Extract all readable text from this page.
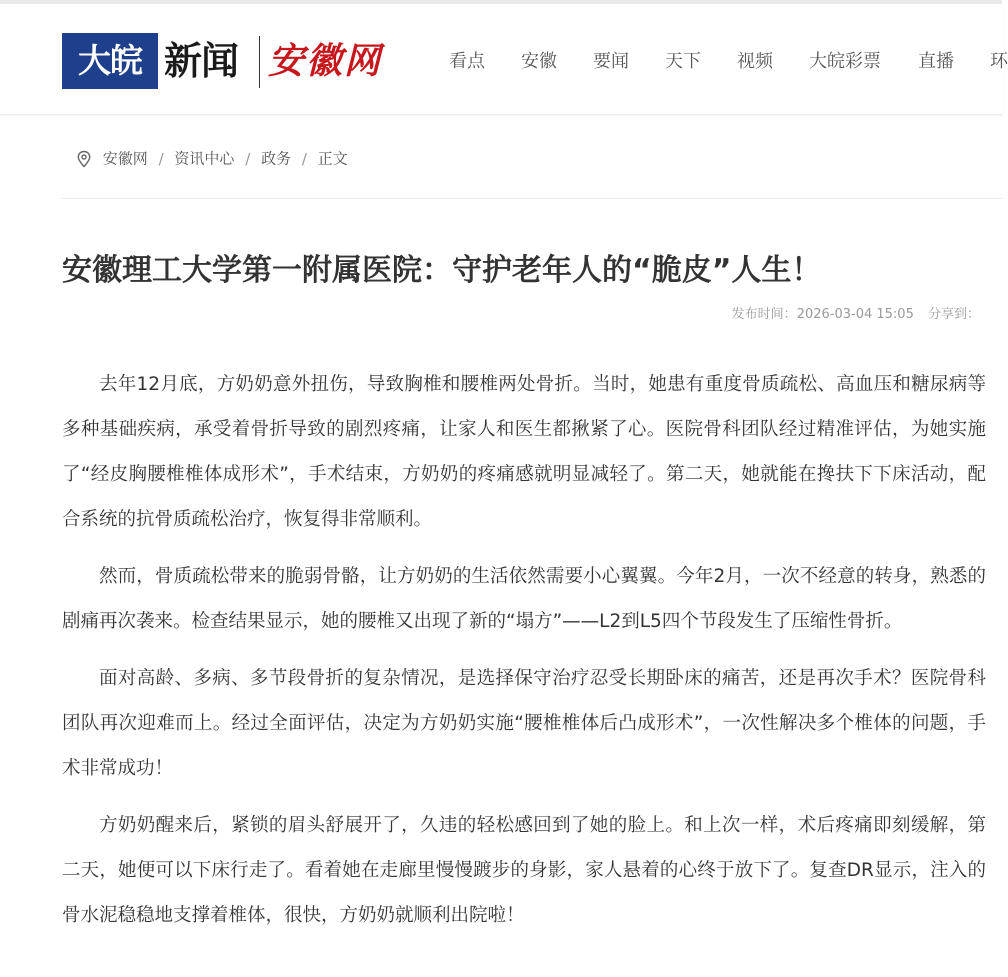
大皖 新闻 安徽网	看点 安徽 要闻 天下 视频 大皖彩票 直播 环
安徽网 / 资讯中心 / 政务 / 正文
安徽理工大学第一附属医院：守护老年人的“脆皮”人生！
发布时间：2026-03-04 15:05 分享到：

去年12月底，方奶奶意外扭伤，导致胸椎和腰椎两处骨折。当时，她患有重度骨质疏松、高血压和糖尿病等多种基础疾病，承受着骨折导致的剧烈疼痛，让家人和医生都揪紧了心。医院骨科团队经过精准评估，为她实施了“经皮胸腰椎椎体成形术”，手术结束，方奶奶的疼痛感就明显减轻了。第二天，她就能在搀扶下下床活动，配合系统的抗骨质疏松治疗，恢复得非常顺利。

然而，骨质疏松带来的脆弱骨骼，让方奶奶的生活依然需要小心翼翼。今年2月，一次不经意的转身，熟悉的剧痛再次袭来。检查结果显示，她的腰椎又出现了新的“塌方”——L2到L5四个节段发生了压缩性骨折。

面对高龄、多病、多节段骨折的复杂情况，是选择保守治疗忍受长期卧床的痛苦，还是再次手术？医院骨科团队再次迎难而上。经过全面评估，决定为方奶奶实施“腰椎椎体后凸成形术”，一次性解决多个椎体的问题，手术非常成功！

方奶奶醒来后，紧锁的眉头舒展开了，久违的轻松感回到了她的脸上。和上次一样，术后疼痛即刻缓解，第二天，她便可以下床行走了。看着她在走廊里慢慢踱步的身影，家人悬着的心终于放下了。复查DR显示，注入的骨水泥稳稳地支撑着椎体，很快，方奶奶就顺利出院啦！
